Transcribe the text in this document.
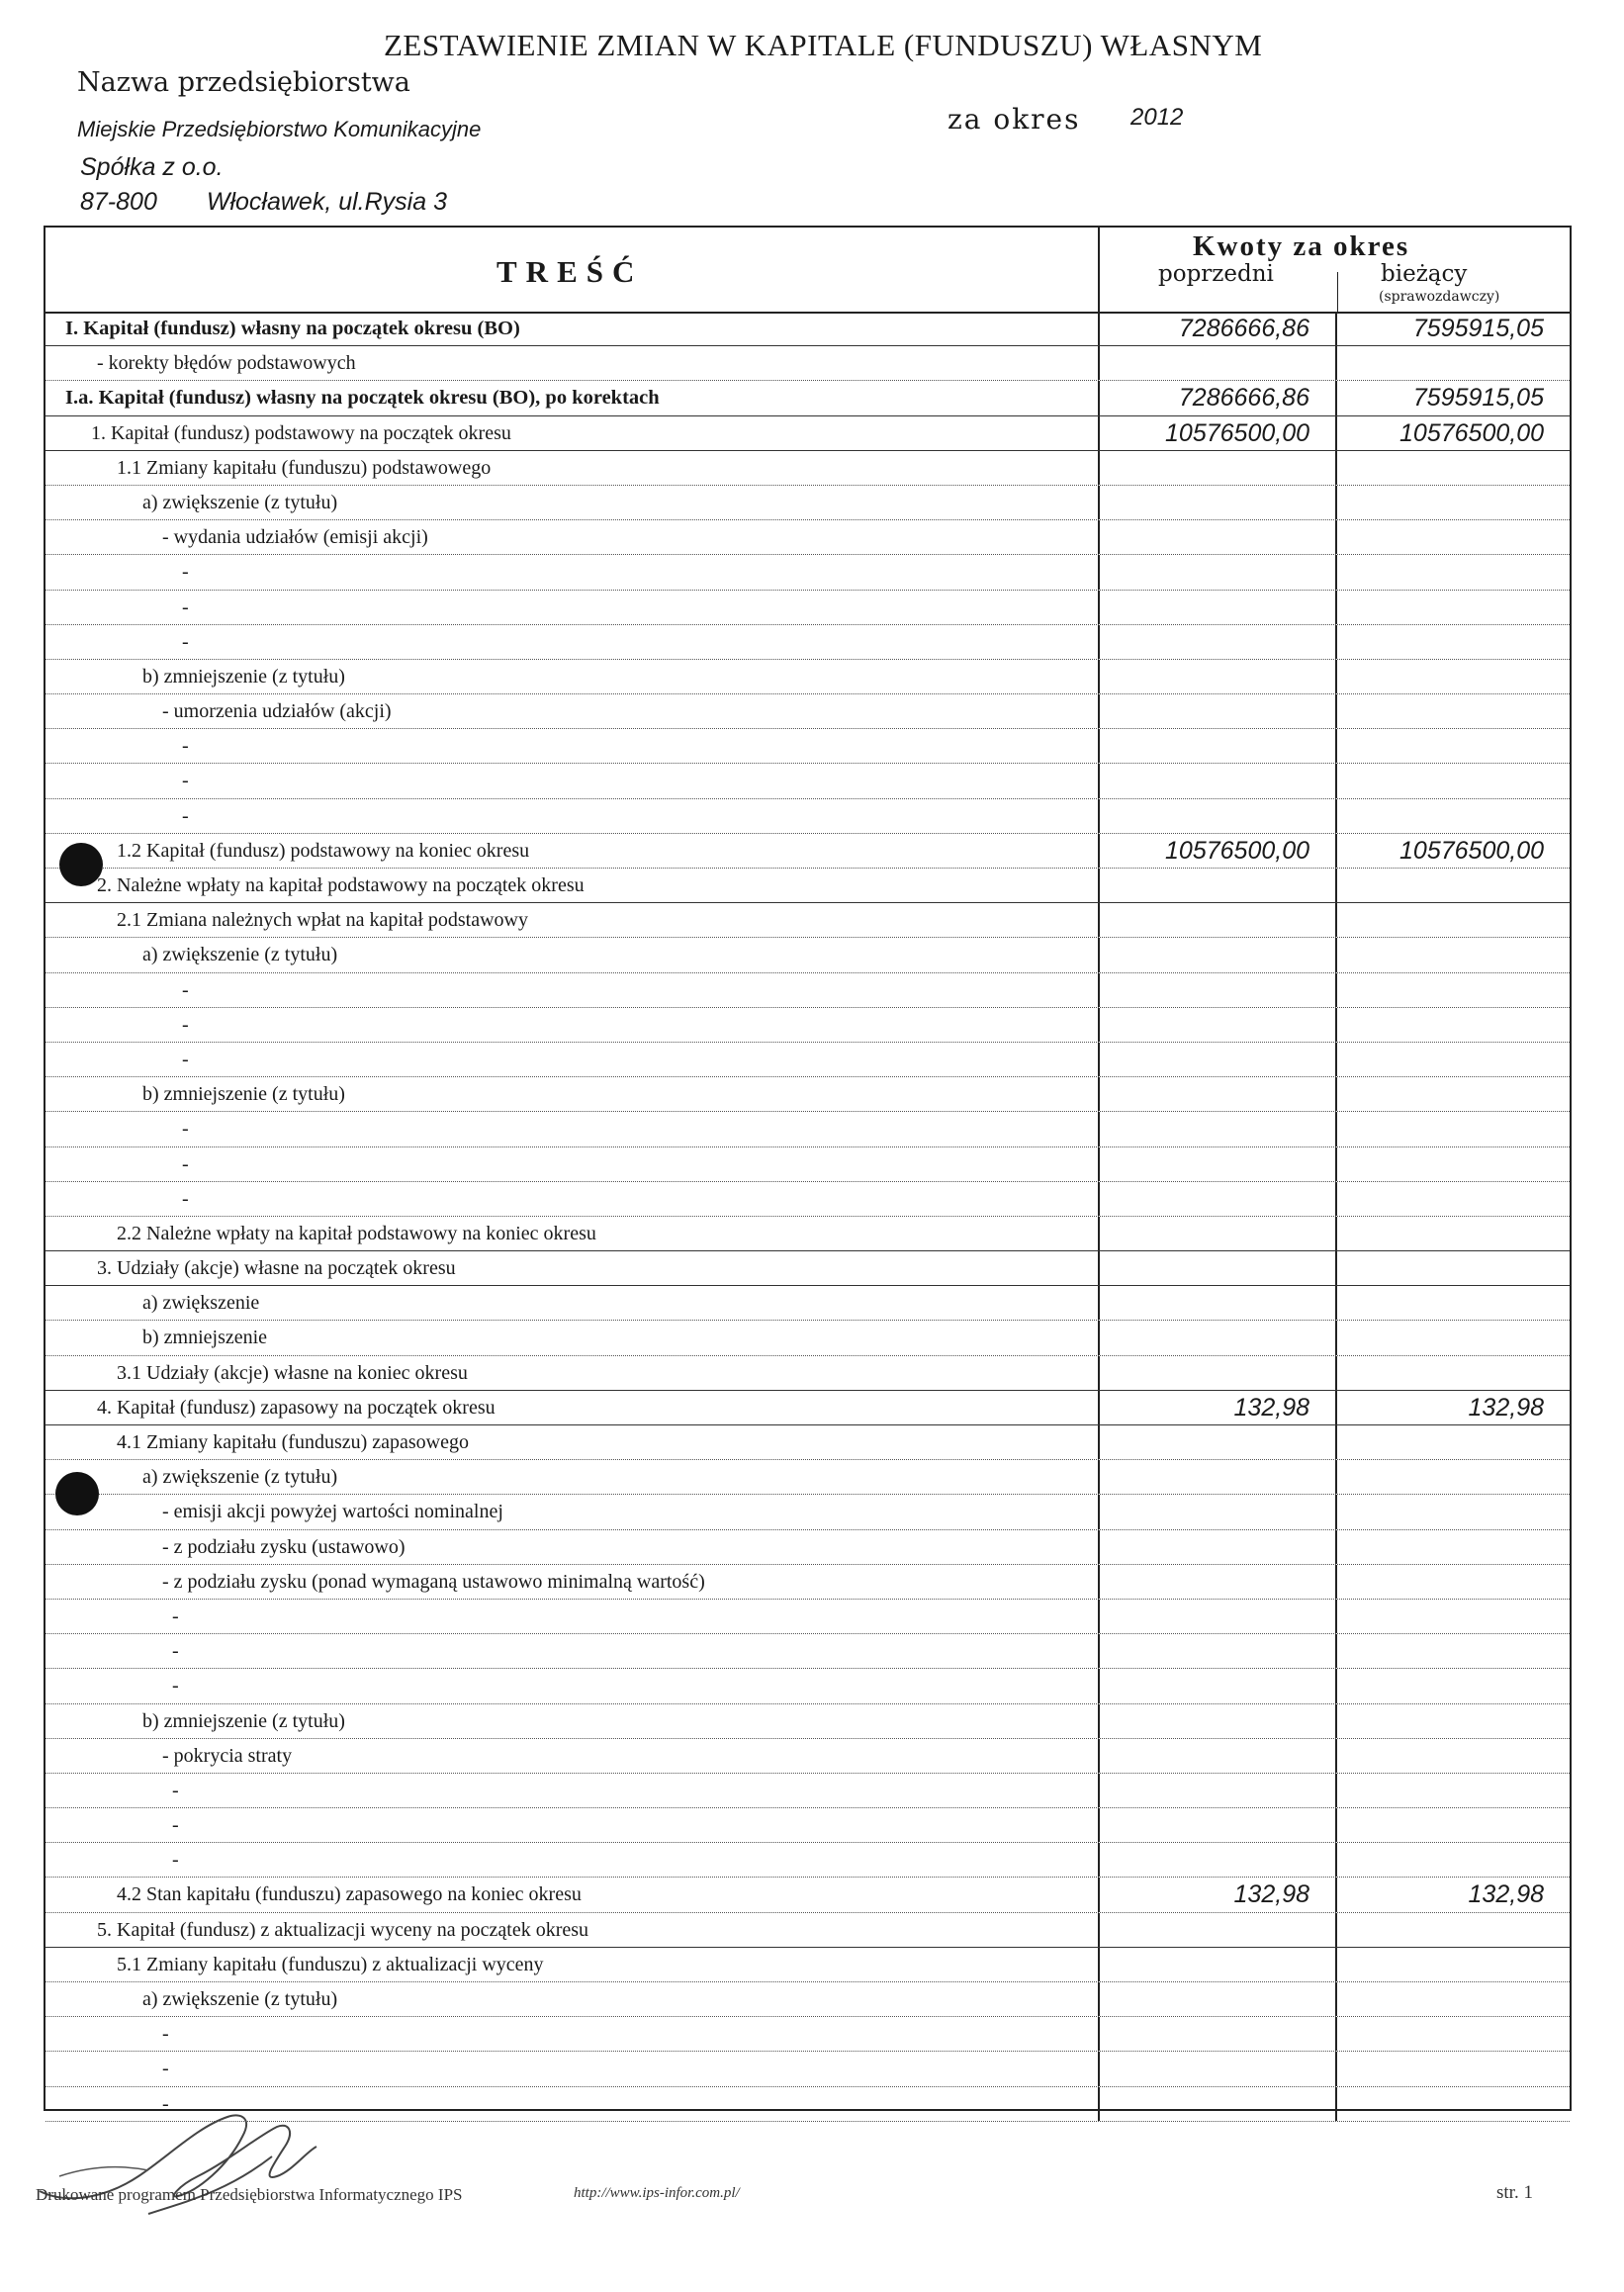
ZESTAWIENIE ZMIAN W KAPITALE (FUNDUSZU) WŁASNYM
Nazwa przedsiębiorstwa
Miejskie Przedsiębiorstwo Komunikacyjne
Spółka z o.o.
87-800 Włocławek, ul.Rysia 3
za okres 2012
TREŚĆ
Kwoty za okres
poprzedni	bieżący
(sprawozdawczy)
I. Kapitał (fundusz) własny na początek okresu (BO)	7286666,86	7595915,05
- korekty błędów podstawowych
I.a. Kapitał (fundusz) własny na początek okresu (BO), po korektach	7286666,86	7595915,05
1. Kapitał (fundusz) podstawowy na początek okresu	10576500,00	10576500,00
1.1 Zmiany kapitału (funduszu) podstawowego
a) zwiększenie (z tytułu)
- wydania udziałów (emisji akcji)
-
-
-
b) zmniejszenie (z tytułu)
- umorzenia udziałów (akcji)
-
-
-
1.2 Kapitał (fundusz) podstawowy na koniec okresu	10576500,00	10576500,00
2. Należne wpłaty na kapitał podstawowy na początek okresu
2.1 Zmiana należnych wpłat na kapitał podstawowy
a) zwiększenie (z tytułu)
-
-
-
b) zmniejszenie (z tytułu)
-
-
-
2.2 Należne wpłaty na kapitał podstawowy na koniec okresu
3. Udziały (akcje) własne na początek okresu
a) zwiększenie
b) zmniejszenie
3.1 Udziały (akcje) własne na koniec okresu
4. Kapitał (fundusz) zapasowy na początek okresu	132,98	132,98
4.1 Zmiany kapitału (funduszu) zapasowego
a) zwiększenie (z tytułu)
- emisji akcji powyżej wartości nominalnej
- z podziału zysku (ustawowo)
- z podziału zysku (ponad wymaganą ustawowo minimalną wartość)
-
-
-
b) zmniejszenie (z tytułu)
- pokrycia straty
-
-
-
4.2 Stan kapitału (funduszu) zapasowego na koniec okresu	132,98	132,98
5. Kapitał (fundusz) z aktualizacji wyceny na początek okresu
5.1 Zmiany kapitału (funduszu) z aktualizacji wyceny
a) zwiększenie (z tytułu)
-
-
-
Drukowane programem Przedsiębiorstwa Informatycznego IPS	http://www.ips-infor.com.pl/	str. 1
